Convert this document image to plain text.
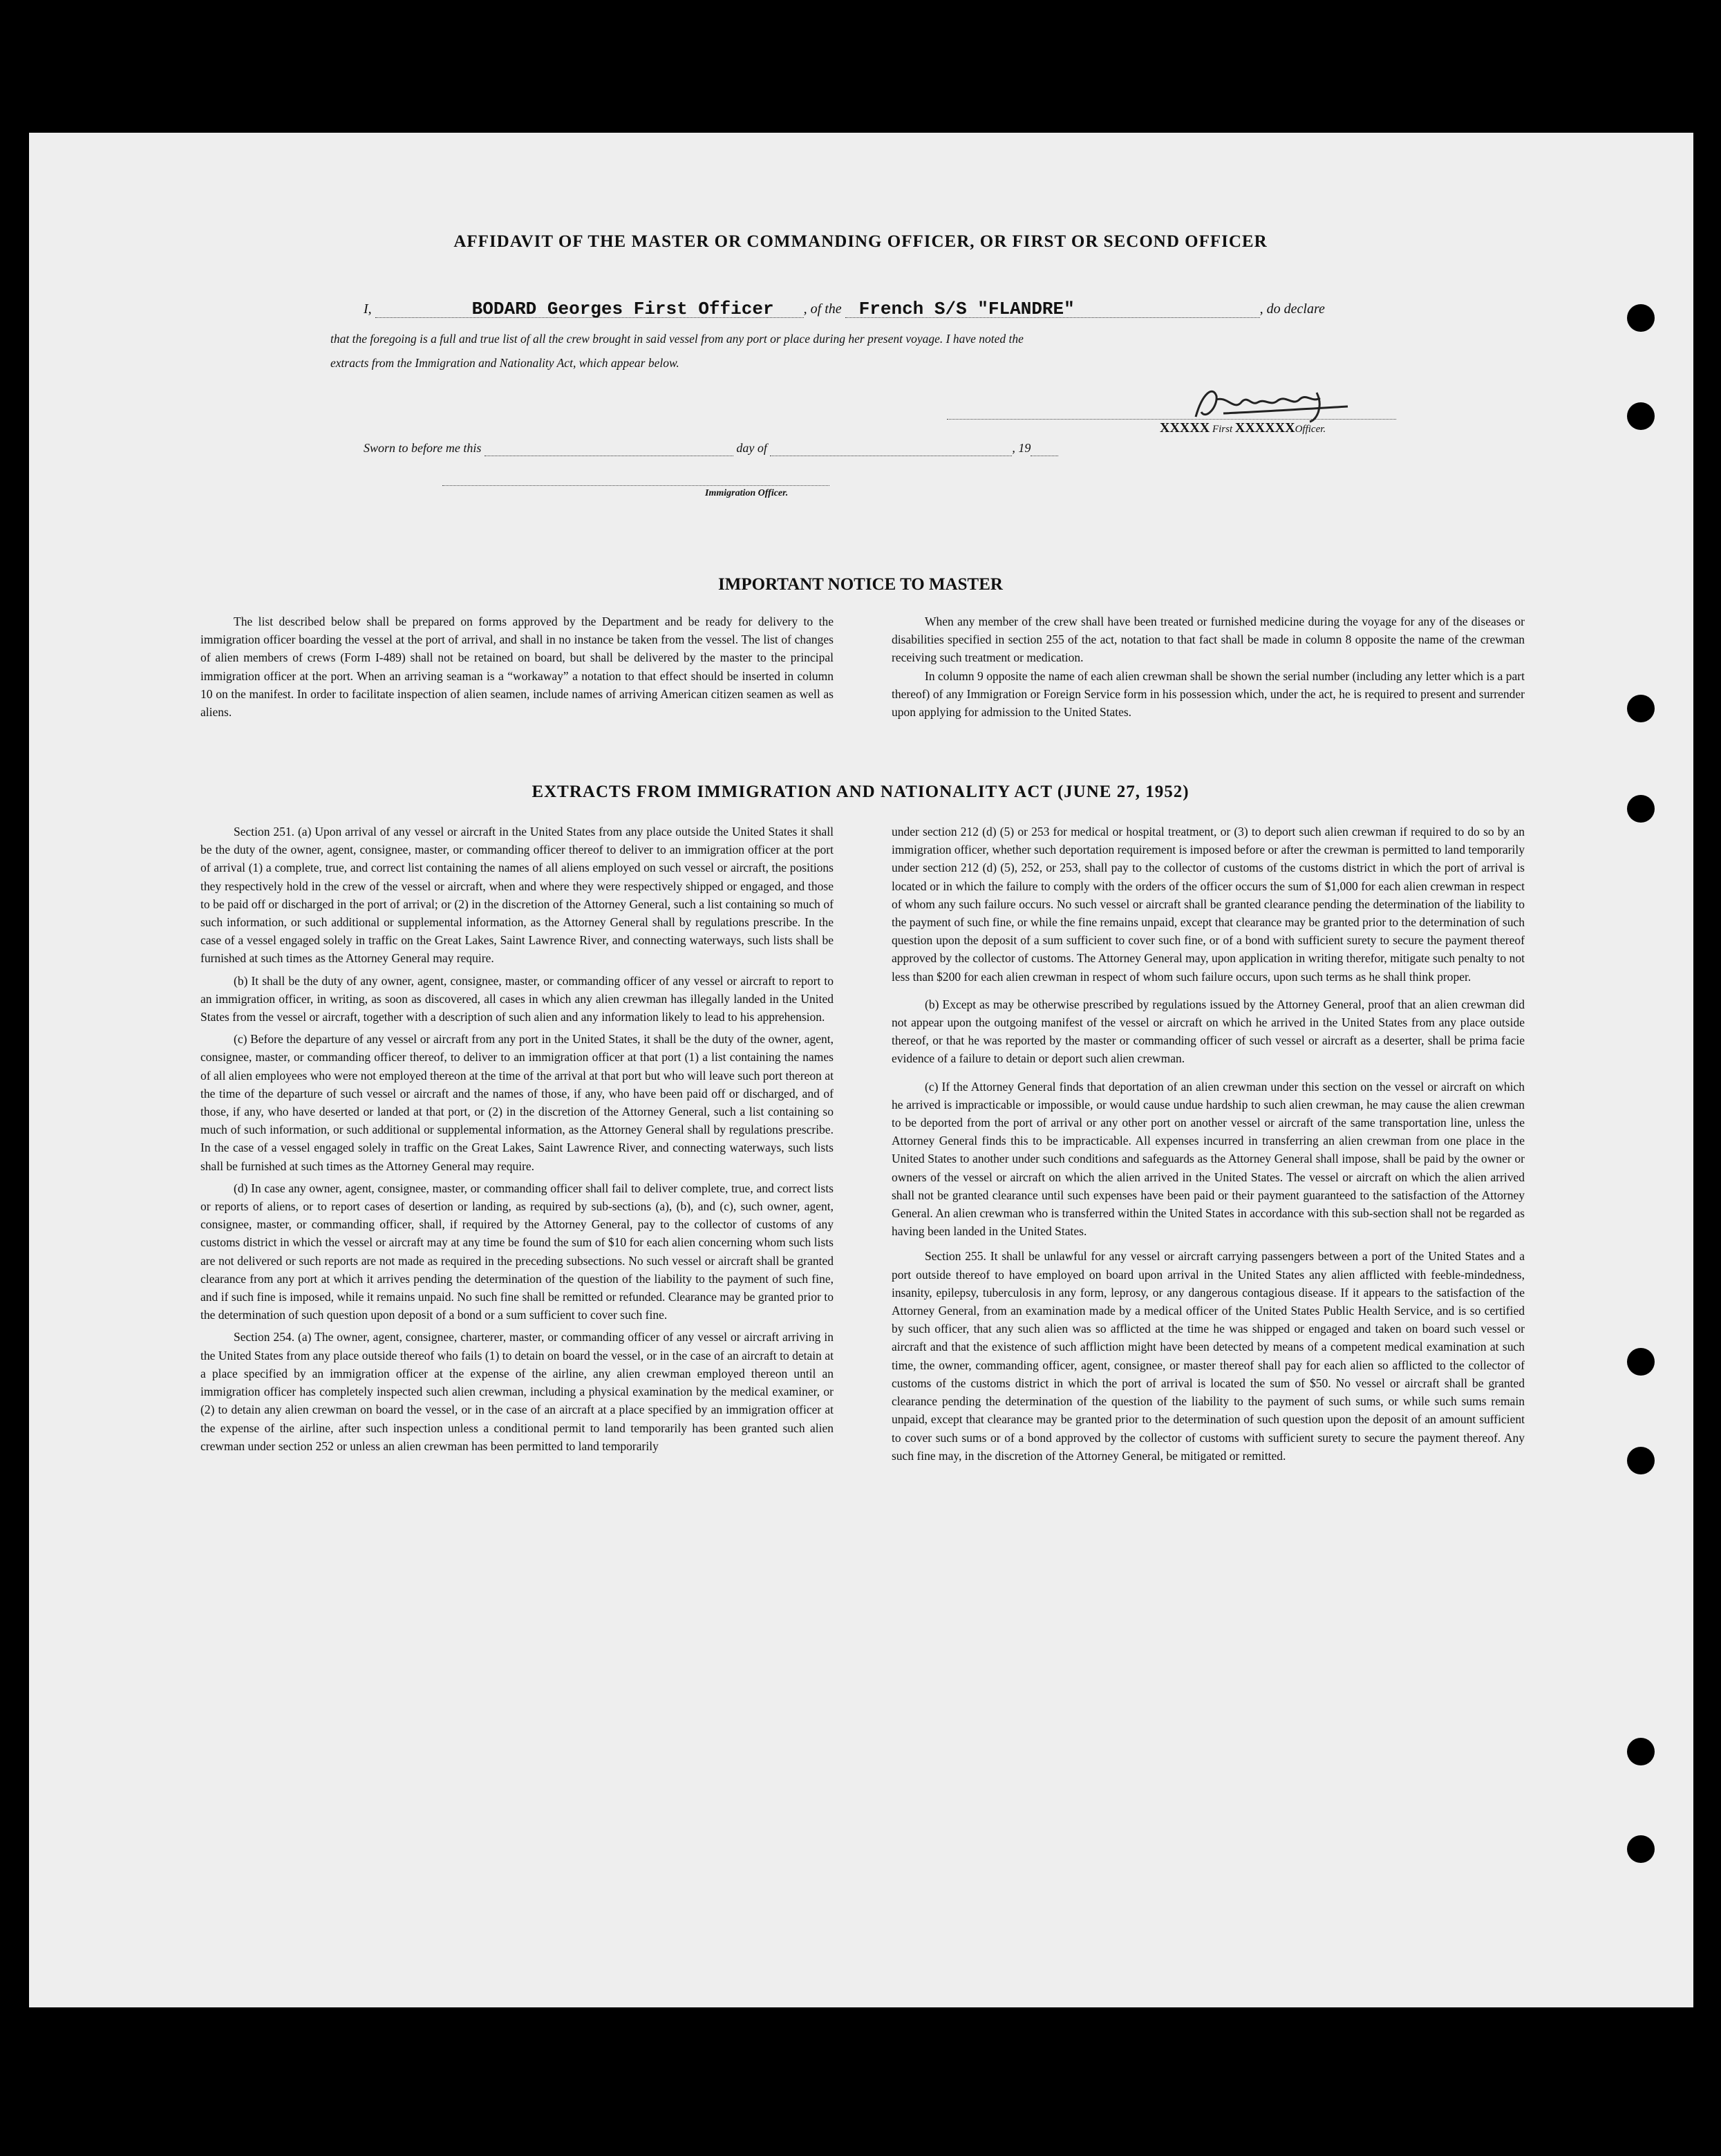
AFFIDAVIT OF THE MASTER OR COMMANDING OFFICER, OR FIRST OR SECOND OFFICER
I,	BODARD Georges First Officer , of the French S/S "FLANDRE"	, do declare
that the foregoing is a full and true list of all the crew brought in said vessel from any port or place during her present voyage. I have noted the
extracts from the Immigration and Nationality Act, which appear below.
XXXXX First XXXXXXOfficer.
Sworn to before me this	day of	, 19
Immigration Officer.
IMPORTANT NOTICE TO MASTER

The list described below shall be prepared on forms approved by the Department and be ready for delivery to the immigration officer boarding the vessel at the port of arrival, and shall in no instance be taken from the vessel. The list of changes of alien members of crews (Form I-489) shall not be retained on board, but shall be delivered by the master to the principal immigration officer at the port. When an arriving seaman is a “workaway” a notation to that effect should be inserted in column 10 on the manifest. In order to facilitate inspection of alien seamen, include names of arriving American citizen seamen as well as aliens.

When any member of the crew shall have been treated or furnished medicine during the voyage for any of the diseases or disabilities specified in section 255 of the act, notation to that fact shall be made in column 8 opposite the name of the crewman receiving such treatment or medication.

In column 9 opposite the name of each alien crewman shall be shown the serial number (including any letter which is a part thereof) of any Immigration or Foreign Service form in his possession which, under the act, he is required to present and surrender upon applying for admission to the United States.

EXTRACTS FROM IMMIGRATION AND NATIONALITY ACT (JUNE 27, 1952)

Section 251. (a) Upon arrival of any vessel or aircraft in the United States from any place outside the United States it shall be the duty of the owner, agent, consignee, master, or commanding officer thereof to deliver to an immigration officer at the port of arrival (1) a complete, true, and correct list containing the names of all aliens employed on such vessel or aircraft, the positions they respectively hold in the crew of the vessel or aircraft, when and where they were respectively shipped or engaged, and those to be paid off or discharged in the port of arrival; or (2) in the discretion of the Attorney General, such a list containing so much of such information, or such additional or supplemental information, as the Attorney General shall by regulations prescribe. In the case of a vessel engaged solely in traffic on the Great Lakes, Saint Lawrence River, and connecting waterways, such lists shall be furnished at such times as the Attorney General may require.

(b) It shall be the duty of any owner, agent, consignee, master, or commanding officer of any vessel or aircraft to report to an immigration officer, in writing, as soon as discovered, all cases in which any alien crewman has illegally landed in the United States from the vessel or aircraft, together with a description of such alien and any information likely to lead to his apprehension.

(c) Before the departure of any vessel or aircraft from any port in the United States, it shall be the duty of the owner, agent, consignee, master, or commanding officer thereof, to deliver to an immigration officer at that port (1) a list containing the names of all alien employees who were not employed thereon at the time of the arrival at that port but who will leave such port thereon at the time of the departure of such vessel or aircraft and the names of those, if any, who have been paid off or discharged, and of those, if any, who have deserted or landed at that port, or (2) in the discretion of the Attorney General, such a list containing so much of such information, or such additional or supplemental information, as the Attorney General shall by regulations prescribe. In the case of a vessel engaged solely in traffic on the Great Lakes, Saint Lawrence River, and connecting waterways, such lists shall be furnished at such times as the Attorney General may require.

(d) In case any owner, agent, consignee, master, or commanding officer shall fail to deliver complete, true, and correct lists or reports of aliens, or to report cases of desertion or landing, as required by sub-sections (a), (b), and (c), such owner, agent, consignee, master, or commanding officer, shall, if required by the Attorney General, pay to the collector of customs of any customs district in which the vessel or aircraft may at any time be found the sum of $10 for each alien concerning whom such lists are not delivered or such reports are not made as required in the preceding subsections. No such vessel or aircraft shall be granted clearance from any port at which it arrives pending the determination of the question of the liability to the payment of such fine, and if such fine is imposed, while it remains unpaid. No such fine shall be remitted or refunded. Clearance may be granted prior to the determination of such question upon deposit of a bond or a sum sufficient to cover such fine.

Section 254. (a) The owner, agent, consignee, charterer, master, or commanding officer of any vessel or aircraft arriving in the United States from any place outside thereof who fails (1) to detain on board the vessel, or in the case of an aircraft to detain at a place specified by an immigration officer at the expense of the airline, any alien crewman employed thereon until an immigration officer has completely inspected such alien crewman, including a physical examination by the medical examiner, or (2) to detain any alien crewman on board the vessel, or in the case of an aircraft at a place specified by an immigration officer at the expense of the airline, after such inspection unless a conditional permit to land temporarily has been granted such alien crewman under section 252 or unless an alien crewman has been permitted to land temporarily

under section 212 (d) (5) or 253 for medical or hospital treatment, or (3) to deport such alien crewman if required to do so by an immigration officer, whether such deportation requirement is imposed before or after the crewman is permitted to land temporarily under section 212 (d) (5), 252, or 253, shall pay to the collector of customs of the customs district in which the port of arrival is located or in which the failure to comply with the orders of the officer occurs the sum of $1,000 for each alien crewman in respect of whom any such failure occurs. No such vessel or aircraft shall be granted clearance pending the determination of the liability to the payment of such fine, or while the fine remains unpaid, except that clearance may be granted prior to the determination of such question upon the deposit of a sum sufficient to cover such fine, or of a bond with sufficient surety to secure the payment thereof approved by the collector of customs. The Attorney General may, upon application in writing therefor, mitigate such penalty to not less than $200 for each alien crewman in respect of whom such failure occurs, upon such terms as he shall think proper.

(b) Except as may be otherwise prescribed by regulations issued by the Attorney General, proof that an alien crewman did not appear upon the outgoing manifest of the vessel or aircraft on which he arrived in the United States from any place outside thereof, or that he was reported by the master or commanding officer of such vessel or aircraft as a deserter, shall be prima facie evidence of a failure to detain or deport such alien crewman.

(c) If the Attorney General finds that deportation of an alien crewman under this section on the vessel or aircraft on which he arrived is impracticable or impossible, or would cause undue hardship to such alien crewman, he may cause the alien crewman to be deported from the port of arrival or any other port on another vessel or aircraft of the same transportation line, unless the Attorney General finds this to be impracticable. All expenses incurred in transferring an alien crewman from one place in the United States to another under such conditions and safeguards as the Attorney General shall impose, shall be paid by the owner or owners of the vessel or aircraft on which the alien arrived in the United States. The vessel or aircraft on which the alien arrived shall not be granted clearance until such expenses have been paid or their payment guaranteed to the satisfaction of the Attorney General. An alien crewman who is transferred within the United States in accordance with this sub-section shall not be regarded as having been landed in the United States.

Section 255. It shall be unlawful for any vessel or aircraft carrying passengers between a port of the United States and a port outside thereof to have employed on board upon arrival in the United States any alien afflicted with feeble-mindedness, insanity, epilepsy, tuberculosis in any form, leprosy, or any dangerous contagious disease. If it appears to the satisfaction of the Attorney General, from an examination made by a medical officer of the United States Public Health Service, and is so certified by such officer, that any such alien was so afflicted at the time he was shipped or engaged and taken on board such vessel or aircraft and that the existence of such affliction might have been detected by means of a competent medical examination at such time, the owner, commanding officer, agent, consignee, or master thereof shall pay for each alien so afflicted to the collector of customs of the customs district in which the port of arrival is located the sum of $50. No vessel or aircraft shall be granted clearance pending the determination of the question of the liability to the payment of such sums, or while such sums remain unpaid, except that clearance may be granted prior to the determination of such question upon the deposit of an amount sufficient to cover such sums or of a bond approved by the collector of customs with sufficient surety to secure the payment thereof. Any such fine may, in the discretion of the Attorney General, be mitigated or remitted.
